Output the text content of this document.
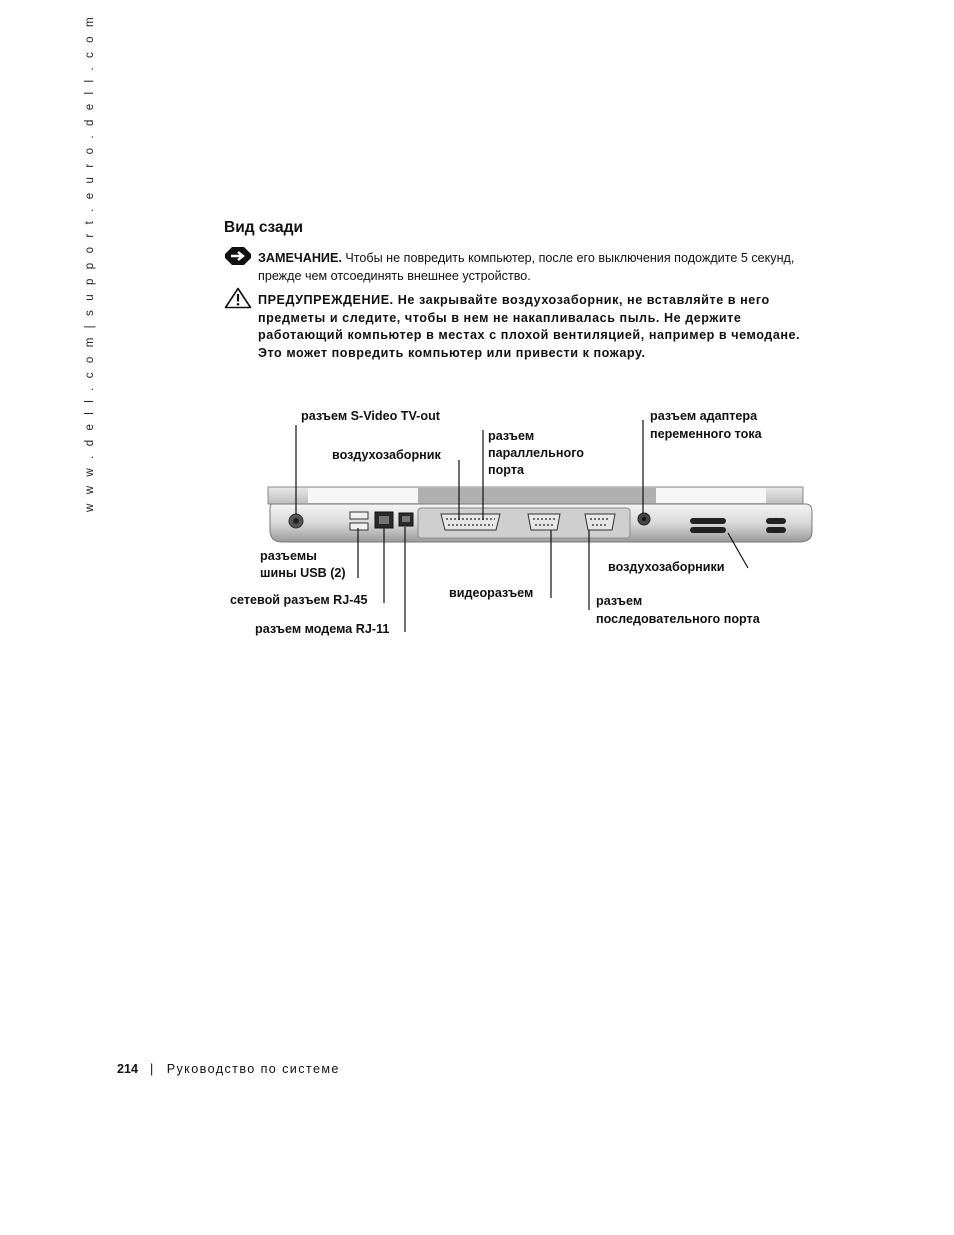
w w w . d e l l . c o m | s u p p o r t . e u r o . d e l l . c o m	Вид сзади
ЗАМЕЧАНИЕ. Чтобы не повредить компьютер, после его выключения подождите 5 секунд, прежде чем отсоединять внешнее устройство.
ПРЕДУПРЕЖДЕНИЕ. Не закрывайте воздухозаборник, не вставляйте в него предметы и следите, чтобы в нем не накапливалась пыль. Не держите работающий компьютер в местах с плохой вентиляцией, например в чемодане. Это может повредить компьютер или привести к пожару.
разъем S-Video TV-out
воздухозаборник
разъем
параллельного
порта
разъем адаптера
переменного тока
разъемы
шины USB (2)
сетевой разъем RJ-45
разъем модема RJ-11
видеоразъем
воздухозаборники
разъем
последовательного порта
214 | Руководство по системе
